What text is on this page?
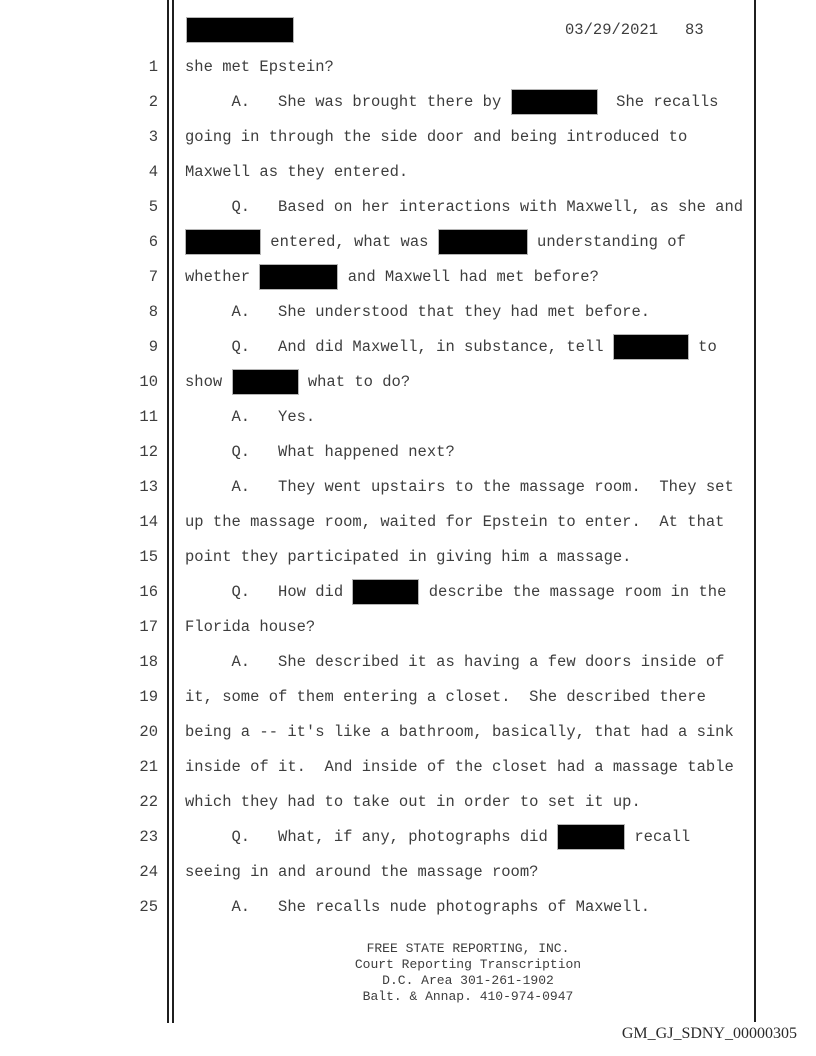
03/29/2021 83
1 she met Epstein?
2 A.   She was brought there by	She recalls
3 going in through the side door and being introduced to
4 Maxwell as they entered.
5 Q.   Based on her interactions with Maxwell, as she and
6	entered, what was	understanding of
7 whether	and Maxwell had met before?
8 A.   She understood that they had met before.
9 Q.   And did Maxwell, in substance, tell	to
10 show	what to do?
11 A.   Yes.
12 Q.   What happened next?
13 A.   They went upstairs to the massage room.  They set
14 up the massage room, waited for Epstein to enter.  At that
15 point they participated in giving him a massage.
16 Q.   How did	describe the massage room in the
17 Florida house?
18 A.   She described it as having a few doors inside of
19 it, some of them entering a closet.  She described there
20 being a -- it's like a bathroom, basically, that had a sink
21 inside of it.  And inside of the closet had a massage table
22 which they had to take out in order to set it up.
23 Q.   What, if any, photographs did	recall
24 seeing in and around the massage room?
25 A.   She recalls nude photographs of Maxwell.
FREE STATE REPORTING, INC.
Court Reporting Transcription
D.C. Area 301-261-1902
Balt. & Annap. 410-974-0947
GM_GJ_SDNY_00000305
